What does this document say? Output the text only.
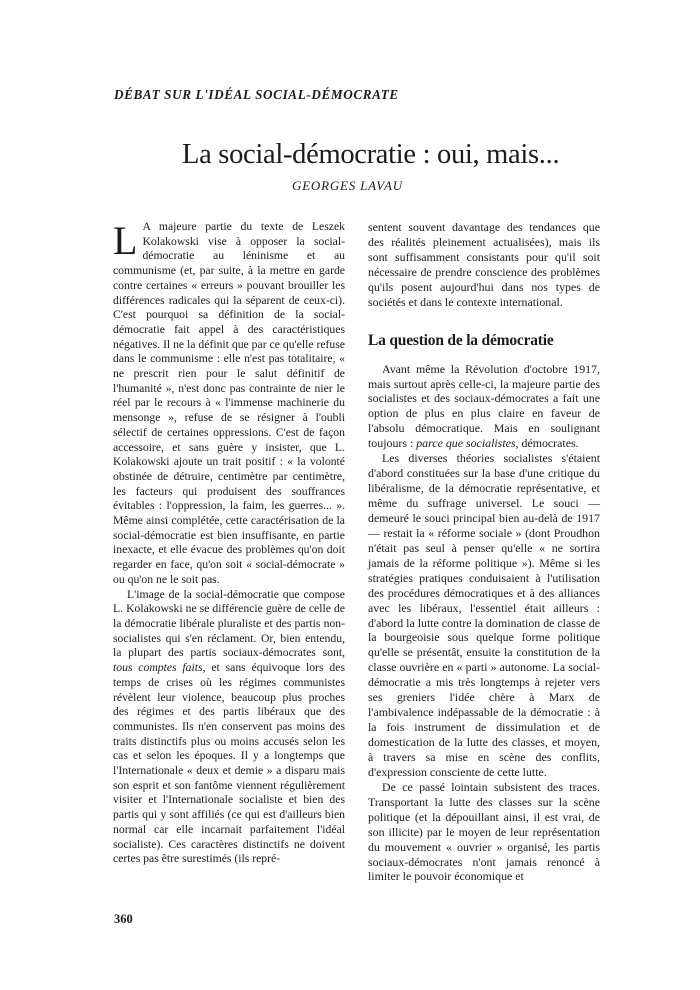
DÉBAT SUR L'IDÉAL SOCIAL-DÉMOCRATE
La social-démocratie : oui, mais...
GEORGES LAVAU

L A majeure partie du texte de Leszek Kolakowski vise à opposer la social-démocratie au léninisme et au communisme (et, par suite, à la mettre en garde contre certaines « erreurs » pouvant brouiller les différences radicales qui la séparent de ceux-ci). C'est pourquoi sa définition de la social-démocratie fait appel à des caractéristiques négatives. Il ne la définit que par ce qu'elle refuse dans le communisme : elle n'est pas totalitaire, « ne prescrit rien pour le salut définitif de l'humanité », n'est donc pas contrainte de nier le réel par le recours à « l'immense machinerie du mensonge », refuse de se résigner à l'oubli sélectif de certaines oppressions. C'est de façon accessoire, et sans guère y insister, que L. Kolakowski ajoute un trait positif : « la volonté obstinée de détruire, centimètre par centimètre, les facteurs qui produisent des souffrances évitables : l'oppression, la faim, les guerres... ». Même ainsi complétée, cette caractérisation de la social-démocratie est bien insuffisante, en partie inexacte, et elle évacue des problèmes qu'on doit regarder en face, qu'on soit « social-démocrate » ou qu'on ne le soit pas.

L'image de la social-démocratie que compose L. Kolakowski ne se différencie guère de celle de la démocratie libérale pluraliste et des partis non-socialistes qui s'en réclament. Or, bien entendu, la plupart des partis sociaux-démocrates sont, tous comptes faits, et sans équivoque lors des temps de crises où les régimes communistes révèlent leur violence, beaucoup plus proches des régimes et des partis libéraux que des communistes. Ils n'en conservent pas moins des traits distinctifs plus ou moins accusés selon les cas et selon les époques. Il y a longtemps que l'Internationale « deux et demie » a disparu mais son esprit et son fantôme viennent régulièrement visiter et l'Internationale socialiste et bien des partis qui y sont affiliés (ce qui est d'ailleurs bien normal car elle incarnait parfaitement l'idéal socialiste). Ces caractères distinctifs ne doivent certes pas être surestimés (ils repré-

sentent souvent davantage des tendances que des réalités pleinement actualisées), mais ils sont suffisamment consistants pour qu'il soit nécessaire de prendre conscience des problèmes qu'ils posent aujourd'hui dans nos types de sociétés et dans le contexte international.

La question de la démocratie

Avant même la Révolution d'octobre 1917, mais surtout après celle-ci, la majeure partie des socialistes et des sociaux-démocrates a fait une option de plus en plus claire en faveur de l'absolu démocratique. Mais en soulignant toujours : parce que socialistes, démocrates.

Les diverses théories socialistes s'étaient d'abord constituées sur la base d'une critique du libéralisme, de la démocratie représentative, et même du suffrage universel. Le souci — demeuré le souci principal bien au-delà de 1917 — restait la « réforme sociale » (dont Proudhon n'était pas seul à penser qu'elle « ne sortira jamais de la réforme politique »). Même si les stratégies pratiques conduisaient à l'utilisation des procédures démocratiques et à des alliances avec les libéraux, l'essentiel était ailleurs : d'abord la lutte contre la domination de classe de la bourgeoisie sous quelque forme politique qu'elle se présentât, ensuite la constitution de la classe ouvrière en « parti » autonome. La social-démocratie a mis très longtemps à rejeter vers ses greniers l'idée chère à Marx de l'ambivalence indépassable de la démocratie : à la fois instrument de dissimulation et de domestication de la lutte des classes, et moyen, à travers sa mise en scène des conflits, d'expression consciente de cette lutte.

De ce passé lointain subsistent des traces. Transportant la lutte des classes sur la scène politique (et la dépouillant ainsi, il est vrai, de son illicite) par le moyen de leur représentation du mouvement « ouvrier » organisé, les partis sociaux-démocrates n'ont jamais renoncé à limiter le pouvoir économique et

360
